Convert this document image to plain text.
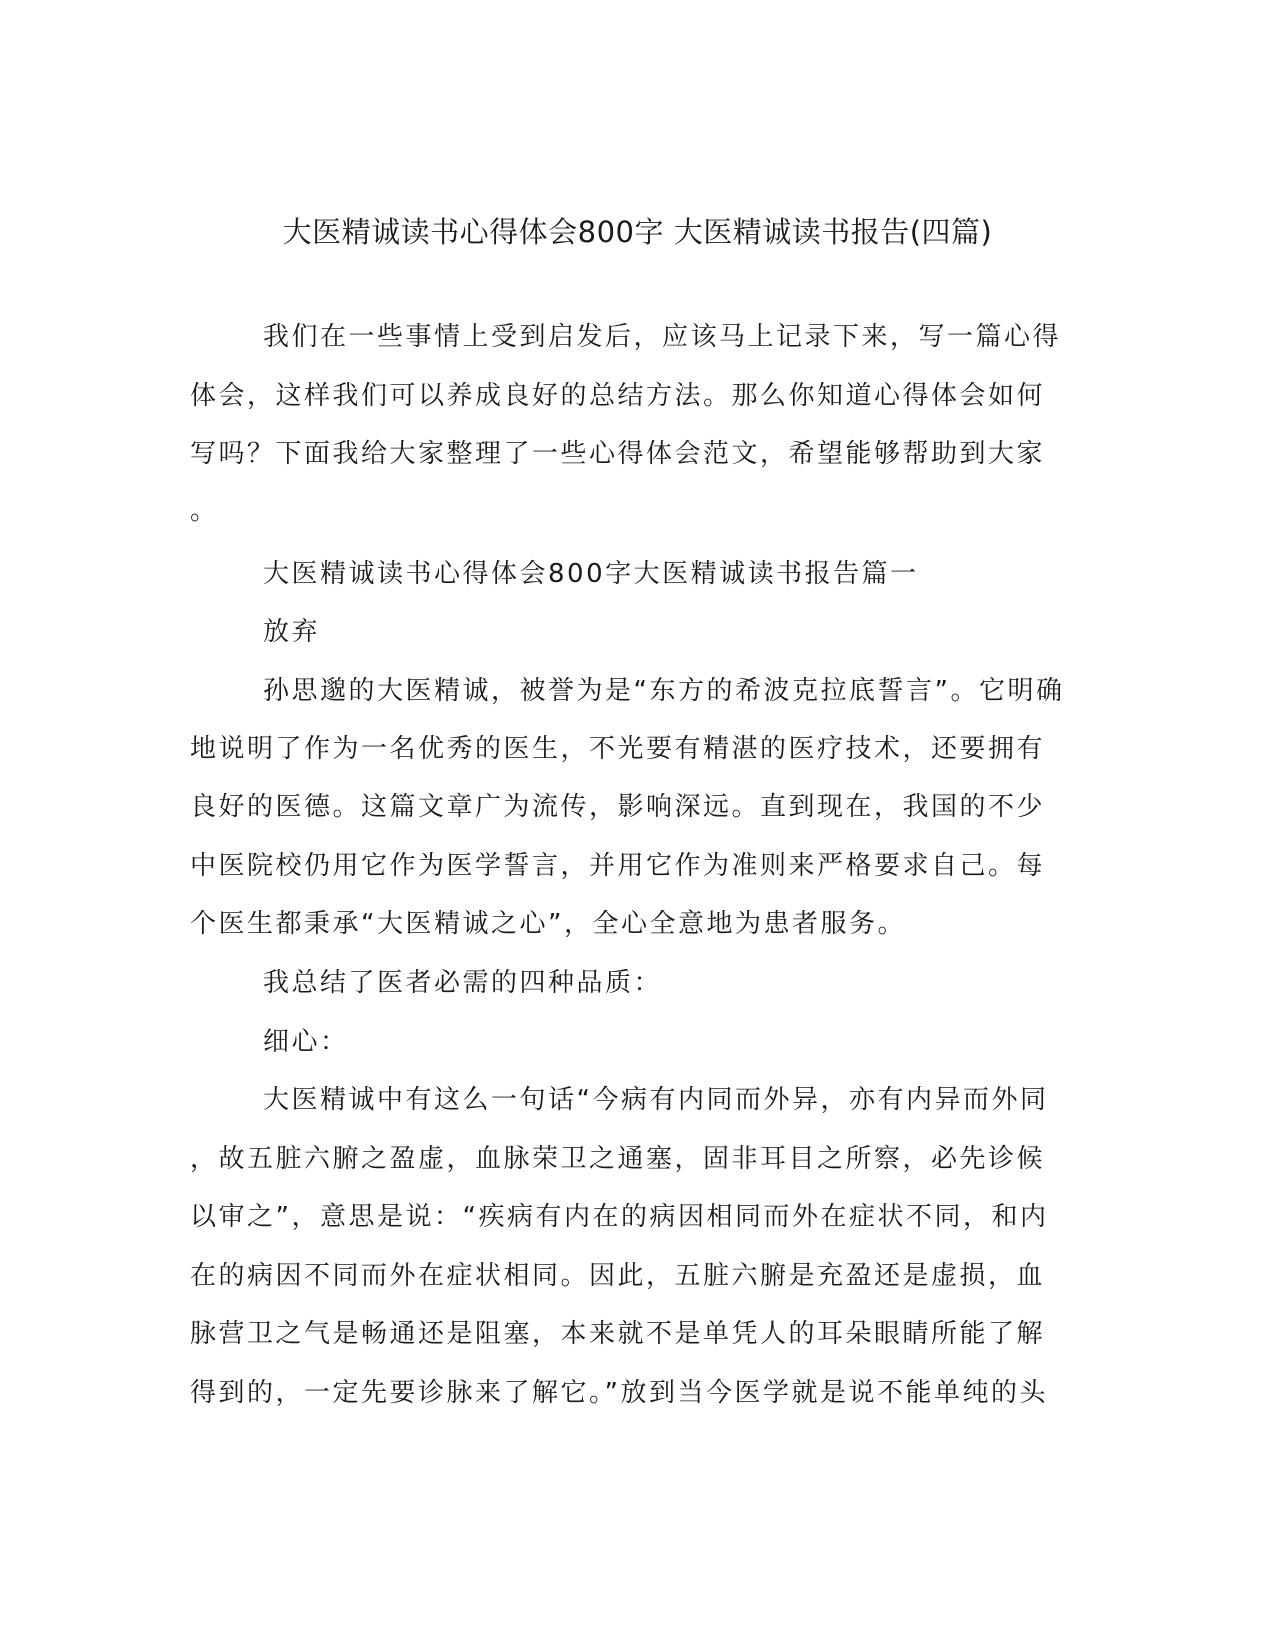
大医精诚读书心得体会800字 大医精诚读书报告(四篇)
我们在一些事情上受到启发后，应该马上记录下来，写一篇心得
体会，这样我们可以养成良好的总结方法。那么你知道心得体会如何
写吗？下面我给大家整理了一些心得体会范文，希望能够帮助到大家
。
大医精诚读书心得体会800字大医精诚读书报告篇一
放弃
孙思邈的大医精诚，被誉为是“东方的希波克拉底誓言”。它明确
地说明了作为一名优秀的医生，不光要有精湛的医疗技术，还要拥有
良好的医德。这篇文章广为流传，影响深远。直到现在，我国的不少
中医院校仍用它作为医学誓言，并用它作为准则来严格要求自己。每
个医生都秉承“大医精诚之心”，全心全意地为患者服务。
我总结了医者必需的四种品质：
细心：
大医精诚中有这么一句话“今病有内同而外异，亦有内异而外同
，故五脏六腑之盈虚，血脉荣卫之通塞，固非耳目之所察，必先诊候
以审之”，意思是说：“疾病有内在的病因相同而外在症状不同，和内
在的病因不同而外在症状相同。因此，五脏六腑是充盈还是虚损，血
脉营卫之气是畅通还是阻塞，本来就不是单凭人的耳朵眼睛所能了解
得到的，一定先要诊脉来了解它。”放到当今医学就是说不能单纯的头
